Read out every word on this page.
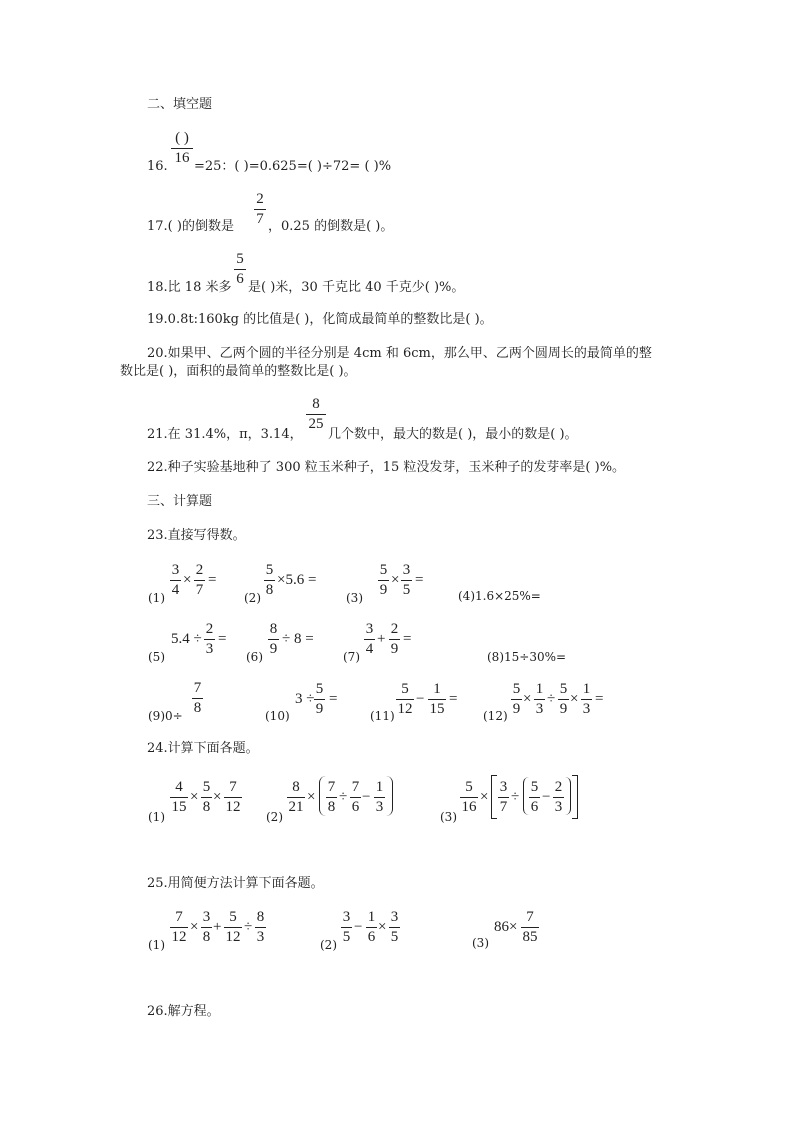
二、填空题
( )
16
16. =25：( )=0.625=( )÷72= ( )%
17.( )的倒数是
2
7 ，0.25 的倒数是( )。
18.比 18 米多
5
6
是( )米，30 千克比 40 千克少( )%。
19.0.8t:160kg 的比值是( )，化简成最简单的整数比是( )。
20.如果甲、乙两个圆的半径分别是 4cm 和 6cm，那么甲、乙两个圆周长的最简单的整
数比是( )，面积的最简单的整数比是( )。
21.在 31.4%，π，3.14，
8
25
几个数中，最大的数是( )，最小的数是( )。
22.种子实验基地种了 300 粒玉米种子，15 粒没发芽，玉米种子的发芽率是( )%。
三、计算题
23.直接写得数。
(1)
3
4
×
2
7
=
(2)
5
8
×5.6 =
(3)
5
9
×
3
5
=
(4)1.6×25%=
(5)
5.4 ÷
2
3
=
(6)
8
9
÷ 8 =
(7)
3
4
+
2
9
=
(8)15÷30%=
(9)0÷
7
8	(10)
3 ÷
5
9
=
(11)
5
12
−
1
15
=
(12)
5
9
×
1
3
÷
5
9
×
1
3
=
24.计算下面各题。
(1)
4
15
×
5
8
×
7
12
(2)
8
21
×
7
8
÷
7
6
−
1
3
(3)
5
16
×
3
7
÷
5
6
−
2
3
25.用简便方法计算下面各题。
(1)
7
12
×
3
8
+
5
12
÷
8
3	(2)
3
5
−
1
6
×
3
5	(3)
86×
7
85
26.解方程。
